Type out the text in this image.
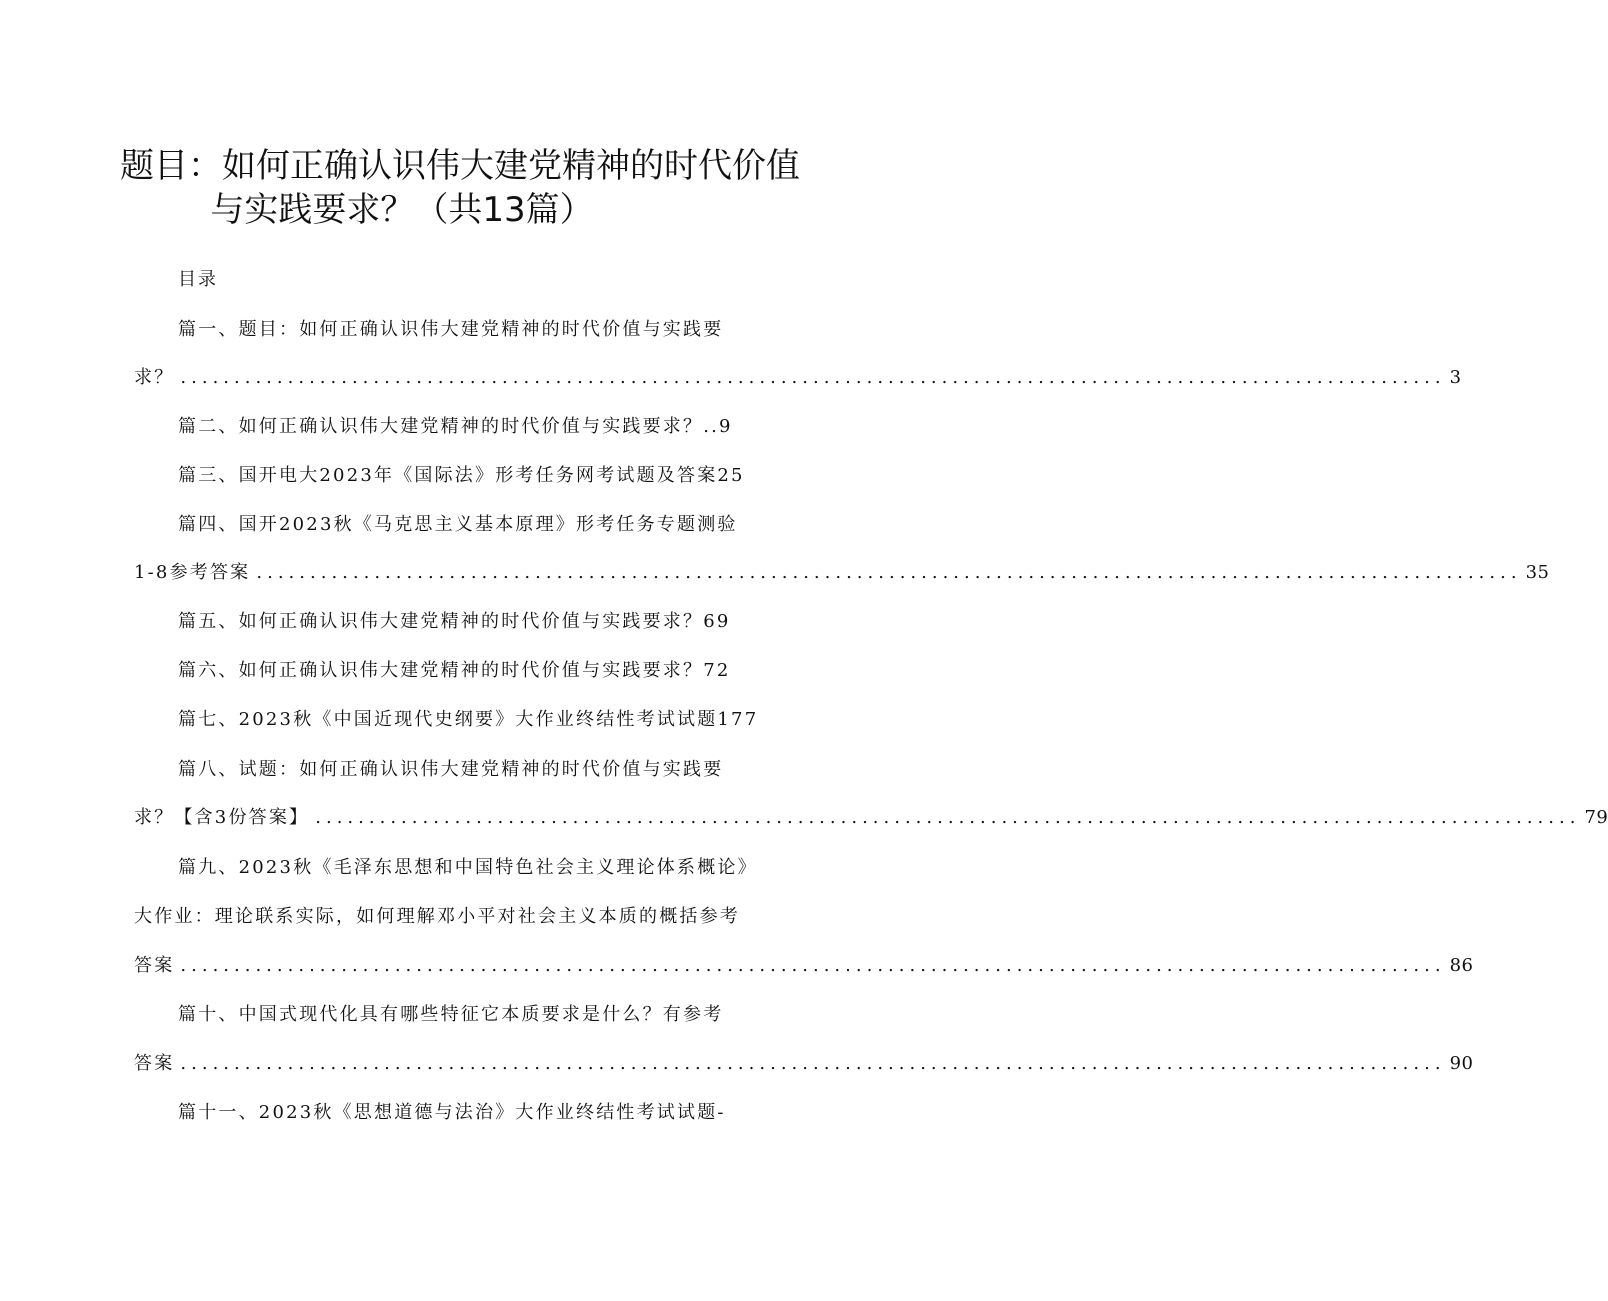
题目：如何正确认识伟大建党精神的时代价值
与实践要求？（共13篇）
目录
篇一、题目：如何正确认识伟大建党精神的时代价值与实践要
求？ ...................................................................................................................... 3
篇二、如何正确认识伟大建党精神的时代价值与实践要求？..9
篇三、国开电大2023年《国际法》形考任务网考试题及答案25
篇四、国开2023秋《马克思主义基本原理》形考任务专题测验
1-8参考答案 ...................................................................................................................... 35
篇五、如何正确认识伟大建党精神的时代价值与实践要求？69
篇六、如何正确认识伟大建党精神的时代价值与实践要求？72
篇七、2023秋《中国近现代史纲要》大作业终结性考试试题177
篇八、试题：如何正确认识伟大建党精神的时代价值与实践要
求？【含3份答案】 ...................................................................................................................... 79
篇九、2023秋《毛泽东思想和中国特色社会主义理论体系概论》
大作业：理论联系实际，如何理解邓小平对社会主义本质的概括参考
答案 ...................................................................................................................... 86
篇十、中国式现代化具有哪些特征它本质要求是什么？有参考
答案 ...................................................................................................................... 90
篇十一、2023秋《思想道德与法治》大作业终结性考试试题-
